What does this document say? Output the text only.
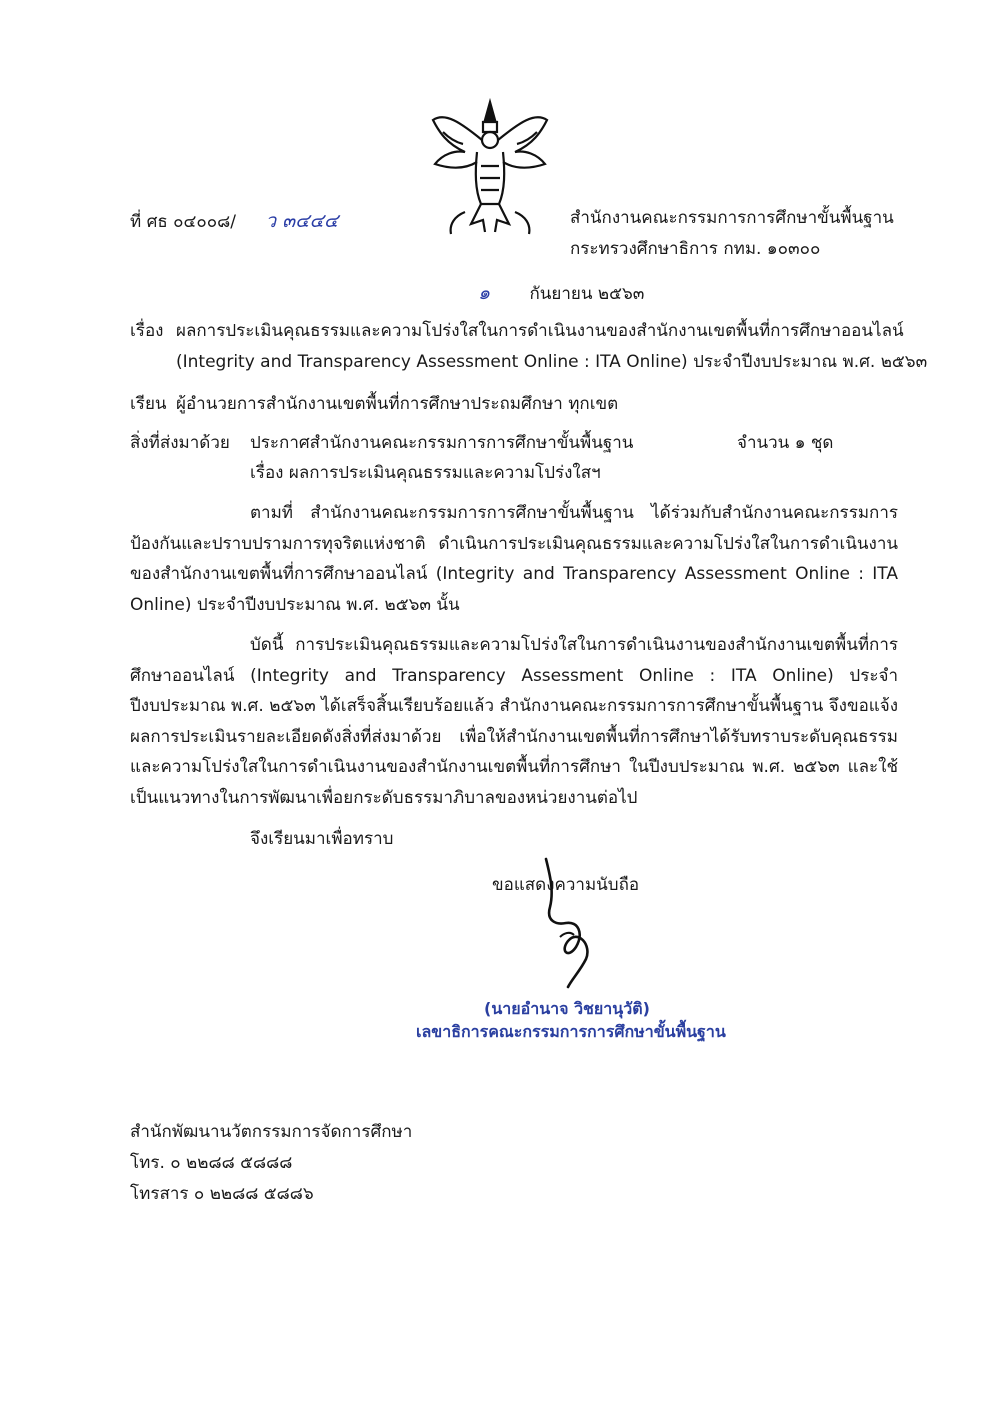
ที่ ศธ ๐๔๐๐๘/ ว ๓๔๔๔	สำนักงานคณะกรรมการการศึกษาขั้นพื้นฐาน
กระทรวงศึกษาธิการ กทม. ๑๐๓๐๐
๑ กันยายน ๒๕๖๓
เรื่อง ผลการประเมินคุณธรรมและความโปร่งใสในการดำเนินงานของสำนักงานเขตพื้นที่การศึกษาออนไลน์
(Integrity and Transparency Assessment Online : ITA Online) ประจำปีงบประมาณ พ.ศ. ๒๕๖๓
เรียน ผู้อำนวยการสำนักงานเขตพื้นที่การศึกษาประถมศึกษา ทุกเขต
สิ่งที่ส่งมาด้วย ประกาศสำนักงานคณะกรรมการการศึกษาขั้นพื้นฐาน
เรื่อง ผลการประเมินคุณธรรมและความโปร่งใสฯ
จำนวน ๑ ชุด
ตามที่ สำนักงานคณะกรรมการการศึกษาขั้นพื้นฐาน ได้ร่วมกับสำนักงานคณะกรรมการป้องกันและปราบปรามการทุจริตแห่งชาติ ดำเนินการประเมินคุณธรรมและความโปร่งใสในการดำเนินงานของสำนักงานเขตพื้นที่การศึกษาออนไลน์ (Integrity and Transparency Assessment Online : ITA Online) ประจำปีงบประมาณ พ.ศ. ๒๕๖๓ นั้น
บัดนี้ การประเมินคุณธรรมและความโปร่งใสในการดำเนินงานของสำนักงานเขตพื้นที่การศึกษาออนไลน์ (Integrity and Transparency Assessment Online : ITA Online) ประจำปีงบประมาณ พ.ศ. ๒๕๖๓ ได้เสร็จสิ้นเรียบร้อยแล้ว สำนักงานคณะกรรมการการศึกษาขั้นพื้นฐาน จึงขอแจ้งผลการประเมินรายละเอียดดังสิ่งที่ส่งมาด้วย เพื่อให้สำนักงานเขตพื้นที่การศึกษาได้รับทราบระดับคุณธรรมและความโปร่งใสในการดำเนินงานของสำนักงานเขตพื้นที่การศึกษา ในปีงบประมาณ พ.ศ. ๒๕๖๓ และใช้เป็นแนวทางในการพัฒนาเพื่อยกระดับธรรมาภิบาลของหน่วยงานต่อไป
จึงเรียนมาเพื่อทราบ
ขอแสดงความนับถือ
(นายอำนาจ วิชยานุวัติ)
เลขาธิการคณะกรรมการการศึกษาขั้นพื้นฐาน
สำนักพัฒนานวัตกรรมการจัดการศึกษา
โทร. ๐ ๒๒๘๘ ๕๘๘๘
โทรสาร ๐ ๒๒๘๘ ๕๘๘๖
